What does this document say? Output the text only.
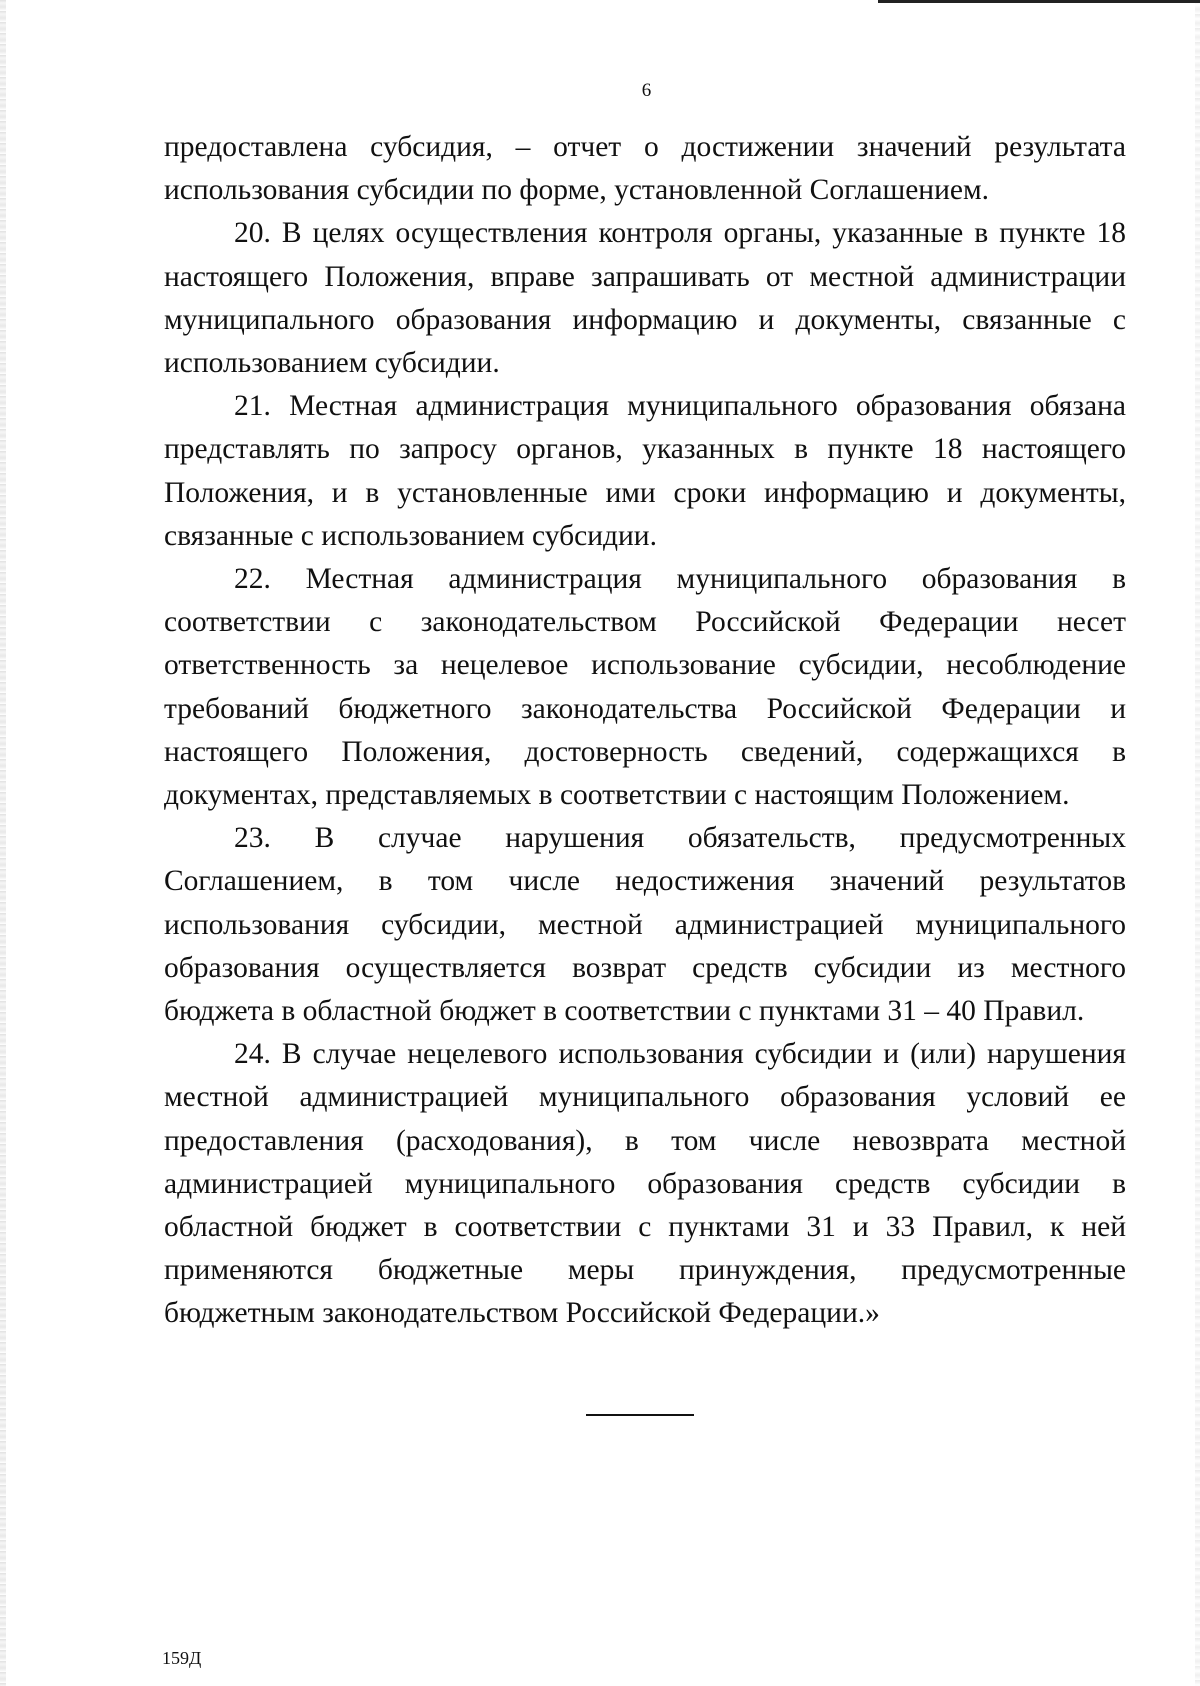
6

предоставлена субсидия, – отчет о достижении значений результата использования субсидии по форме, установленной Соглашением.

20. В целях осуществления контроля органы, указанные в пункте 18 настоящего Положения, вправе запрашивать от местной администрации муниципального образования информацию и документы, связанные с использованием субсидии.

21. Местная администрация муниципального образования обязана представлять по запросу органов, указанных в пункте 18 настоящего Положения, и в установленные ими сроки информацию и документы, связанные с использованием субсидии.

22. Местная администрация муниципального образования в соответствии с законодательством Российской Федерации несет ответственность за нецелевое использование субсидии, несоблюдение требований бюджетного законодательства Российской Федерации и настоящего Положения, достоверность сведений, содержащихся в документах, представляемых в соответствии с настоящим Положением.

23. В случае нарушения обязательств, предусмотренных Соглашением, в том числе недостижения значений результатов использования субсидии, местной администрацией муниципального образования осуществляется возврат средств субсидии из местного бюджета в областной бюджет в соответствии с пунктами 31 – 40 Правил.

24. В случае нецелевого использования субсидии и (или) нарушения местной администрацией муниципального образования условий ее предоставления (расходования), в том числе невозврата местной администрацией муниципального образования средств субсидии в областной бюджет в соответствии с пунктами 31 и 33 Правил, к ней применяются бюджетные меры принуждения, предусмотренные бюджетным законодательством Российской Федерации.»

159Д
